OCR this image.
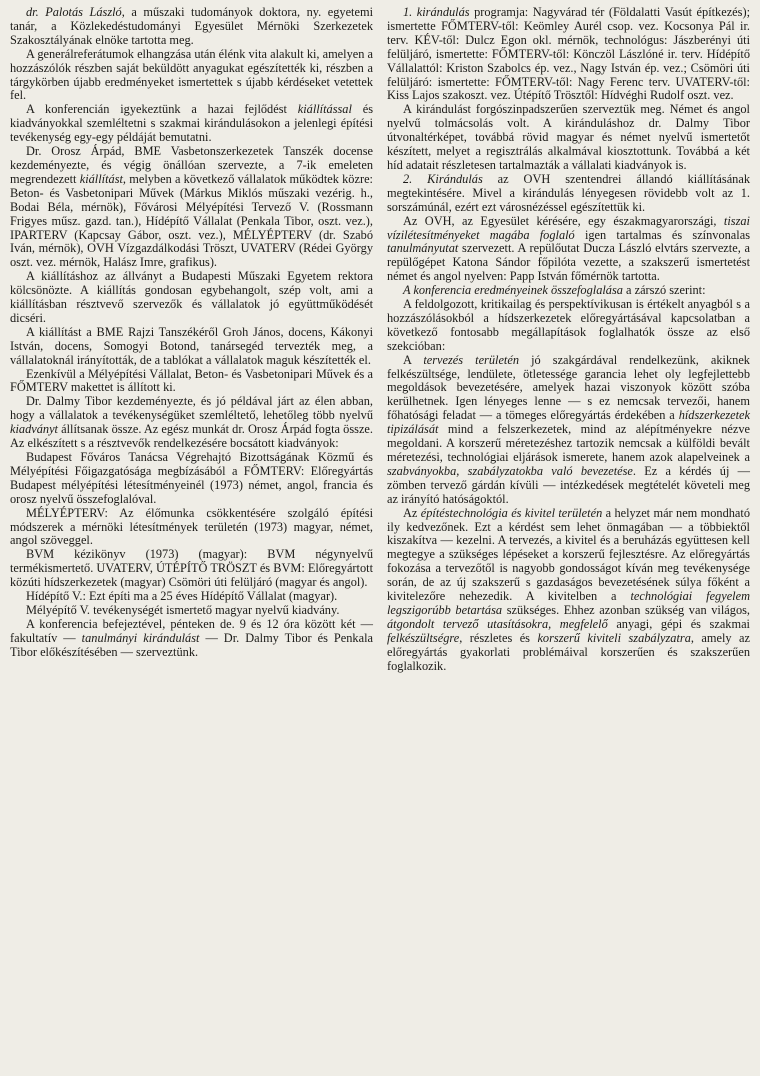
dr. Palotás László, a műszaki tudományok doktora, ny. egyetemi tanár, a Közlekedéstudományi Egyesület Mérnöki Szerkezetek Szakosztályának elnöke tartotta meg.

A generálreferátumok elhangzása után élénk vita alakult ki, amelyen a hozzászólók részben saját beküldött anyagukat egészítették ki, részben a tárgykörben újabb eredményeket ismertettek s újabb kérdéseket vetettek fel.

A konferencián igyekeztünk a hazai fejlődést kiállítással és kiadványokkal szemléltetni s szakmai kirándulásokon a jelenlegi építési tevékenység egy-egy példáját bemutatni.

Dr. Orosz Árpád, BME Vasbetonszerkezetek Tanszék docense kezdeményezte, és végig önállóan szervezte, a 7-ik emeleten megrendezett kiállítást, melyben a következő vállalatok működtek közre: Beton- és Vasbetonipari Művek (Márkus Miklós műszaki vezérig. h., Bodai Béla, mérnök), Fővárosi Mélyépítési Tervező V. (Rossmann Frigyes műsz. gazd. tan.), Hídépítő Vállalat (Penkala Tibor, oszt. vez.), IPARTERV (Kapcsay Gábor, oszt. vez.), MÉLYÉPTERV (dr. Szabó Iván, mérnök), OVH Vízgazdálkodási Tröszt, UVATERV (Rédei György oszt. vez. mérnök, Halász Imre, grafikus).

A kiállításhoz az állványt a Budapesti Műszaki Egyetem rektora kölcsönözte. A kiállítás gondosan egybehangolt, szép volt, ami a kiállításban résztvevő szervezők és vállalatok jó együttműködését dicséri.

A kiállítást a BME Rajzi Tanszékéről Groh János, docens, Kákonyi István, docens, Somogyi Botond, tanársegéd tervezték meg, a vállalatoknál irányították, de a tablókat a vállalatok maguk készítették el.

Ezenkívül a Mélyépítési Vállalat, Beton- és Vasbetonipari Művek és a FŐMTERV makettet is állított ki.

Dr. Dalmy Tibor kezdeményezte, és jó példával járt az élen abban, hogy a vállalatok a tevékenységüket szemléltető, lehetőleg több nyelvű kiadványt állítsanak össze. Az egész munkát dr. Orosz Árpád fogta össze. Az elkészített s a résztvevők rendelkezésére bocsátott kiadványok:

Budapest Főváros Tanácsa Végrehajtó Bizottságának Közmű és Mélyépítési Főigazgatósága megbízásából a FŐMTERV: Előregyártás Budapest mélyépítési létesítményeinél (1973) német, angol, francia és orosz nyelvű összefoglalóval.

MÉLYÉPTERV: Az élőmunka csökkentésére szolgáló építési módszerek a mérnöki létesítmények területén (1973) magyar, német, angol szöveggel.

BVM kézikönyv (1973) (magyar): BVM négynyelvű termékismertető. UVATERV, ÚTÉPÍTŐ TRÖSZT és BVM: Előregyártott közúti hídszerkezetek (magyar) Csömöri úti felüljáró (magyar és angol).

Hídépítő V.: Ezt építi ma a 25 éves Hídépítő Vállalat (magyar).

Mélyépítő V. tevékenységét ismertető magyar nyelvű kiadvány.

A konferencia befejeztével, pénteken de. 9 és 12 óra között két — fakultatív — tanulmányi kirándulást — Dr. Dalmy Tibor és Penkala Tibor előkészítésében — szerveztünk.

1. kirándulás programja: Nagyvárad tér (Földalatti Vasút építkezés); ismertette FŐMTERV-től: Keömley Aurél csop. vez. Kocsonya Pál ir. terv. KÉV-től: Dulcz Egon okl. mérnök, technológus: Jászberényi úti felüljáró, ismertette: FŐMTERV-től: Könczöl Lászlóné ir. terv. Hídépítő Vállalattól: Kriston Szabolcs ép. vez., Nagy István ép. vez.; Csömöri úti felüljáró: ismertette: FŐMTERV-től: Nagy Ferenc terv. UVATERV-től: Kiss Lajos szakoszt. vez. Útépítő Trösztől: Hídvéghi Rudolf oszt. vez.

A kirándulást forgószinpadszerűen szerveztük meg. Német és angol nyelvű tolmácsolás volt. A kiránduláshoz dr. Dalmy Tibor útvonaltérképet, továbbá rövid magyar és német nyelvű ismertetőt készített, melyet a regisztrálás alkalmával kiosztottunk. Továbbá a két híd adatait részletesen tartalmazták a vállalati kiadványok is.

2. Kirándulás az OVH szentendrei állandó kiállításának megtekintésére. Mivel a kirándulás lényegesen rövidebb volt az 1. sorszámúnál, ezért ezt városnézéssel egészítettük ki.

Az OVH, az Egyesület kérésére, egy északmagyarországi, tiszai vízilétesítményeket magába foglaló igen tartalmas és színvonalas tanulmányutat szervezett. A repülőutat Ducza László elvtárs szervezte, a repülőgépet Katona Sándor főpilóta vezette, a szakszerű ismertetést német és angol nyelven: Papp István főmérnök tartotta.

A konferencia eredményeinek összefoglalása a zárszó szerint:

A feldolgozott, kritikailag és perspektívikusan is értékelt anyagból s a hozzászólásokból a hídszerkezetek előregyártásával kapcsolatban a következő fontosabb megállapítások foglalhatók össze az első szekcióban:

A tervezés területén jó szakgárdával rendelkezünk, akiknek felkészültsége, lendülete, ötletessége garancia lehet oly legfejlettebb megoldások bevezetésére, amelyek hazai viszonyok között szóba kerülhetnek. Igen lényeges lenne — s ez nemcsak tervezői, hanem főhatósági feladat — a tömeges előregyártás érdekében a hídszerkezetek tipizálását mind a felszerkezetek, mind az alépítményekre nézve megoldani. A korszerű méretezéshez tartozik nemcsak a külföldi bevált méretezési, technológiai eljárások ismerete, hanem azok alapelveinek a szabványokba, szabályzatokba való bevezetése. Ez a kérdés új — zömben tervező gárdán kívüli — intézkedések megtételét követeli meg az irányító hatóságoktól.

Az építéstechnológia és kivitel területén a helyzet már nem mondható ily kedvezőnek. Ezt a kérdést sem lehet önmagában — a többiektől kiszakítva — kezelni. A tervezés, a kivitel és a beruházás együttesen kell megtegye a szükséges lépéseket a korszerű fejlesztésre. Az előregyártás fokozása a tervezőtől is nagyobb gondosságot kíván meg tevékenysége során, de az új szakszerű s gazdaságos bevezetésének súlya főként a kivitelezőre nehezedik. A kivitelben a technológiai fegyelem legszigorúbb betartása szükséges. Ehhez azonban szükség van világos, átgondolt tervező utasításokra, megfelelő anyagi, gépi és szakmai felkészültségre, részletes és korszerű kiviteli szabályzatra, amely az előregyártás gyakorlati problémáival korszerűen és szakszerűen foglalkozik.
